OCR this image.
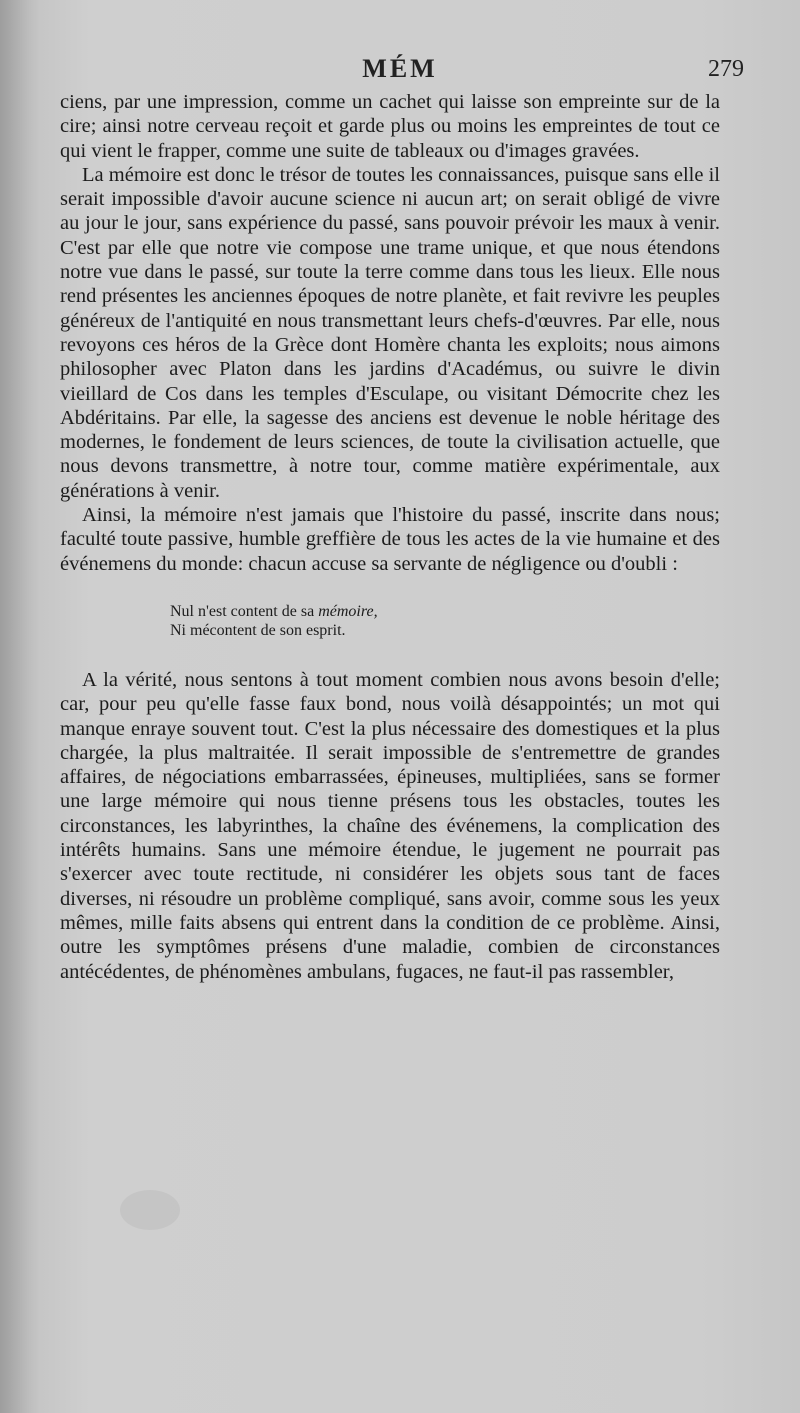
MÉM	279

ciens, par une impression, comme un cachet qui laisse son empreinte sur de la cire; ainsi notre cerveau reçoit et garde plus ou moins les empreintes de tout ce qui vient le frapper, comme une suite de tableaux ou d'images gravées.

La mémoire est donc le trésor de toutes les connaissances, puisque sans elle il serait impossible d'avoir aucune science ni aucun art; on serait obligé de vivre au jour le jour, sans expérience du passé, sans pouvoir prévoir les maux à venir. C'est par elle que notre vie compose une trame unique, et que nous étendons notre vue dans le passé, sur toute la terre comme dans tous les lieux. Elle nous rend présentes les anciennes époques de notre planète, et fait revivre les peuples généreux de l'antiquité en nous transmettant leurs chefs-d'œuvres. Par elle, nous revoyons ces héros de la Grèce dont Homère chanta les exploits; nous aimons philosopher avec Platon dans les jardins d'Académus, ou suivre le divin vieillard de Cos dans les temples d'Esculape, ou visitant Démocrite chez les Abdéritains. Par elle, la sagesse des anciens est devenue le noble héritage des modernes, le fondement de leurs sciences, de toute la civilisation actuelle, que nous devons transmettre, à notre tour, comme matière expérimentale, aux générations à venir.

Ainsi, la mémoire n'est jamais que l'histoire du passé, inscrite dans nous; faculté toute passive, humble greffière de tous les actes de la vie humaine et des événemens du monde: chacun accuse sa servante de négligence ou d'oubli :

Nul n'est content de sa mémoire,
Ni mécontent de son esprit.

A la vérité, nous sentons à tout moment combien nous avons besoin d'elle; car, pour peu qu'elle fasse faux bond, nous voilà désappointés; un mot qui manque enraye souvent tout. C'est la plus nécessaire des domestiques et la plus chargée, la plus maltraitée. Il serait impossible de s'entremettre de grandes affaires, de négociations embarrassées, épineuses, multipliées, sans se former une large mémoire qui nous tienne présens tous les obstacles, toutes les circonstances, les labyrinthes, la chaîne des événemens, la complication des intérêts humains. Sans une mémoire étendue, le jugement ne pourrait pas s'exercer avec toute rectitude, ni considérer les objets sous tant de faces diverses, ni résoudre un problème compliqué, sans avoir, comme sous les yeux mêmes, mille faits absens qui entrent dans la condition de ce problème. Ainsi, outre les symptômes présens d'une maladie, combien de circonstances antécédentes, de phénomènes ambulans, fugaces, ne faut-il pas rassembler,
